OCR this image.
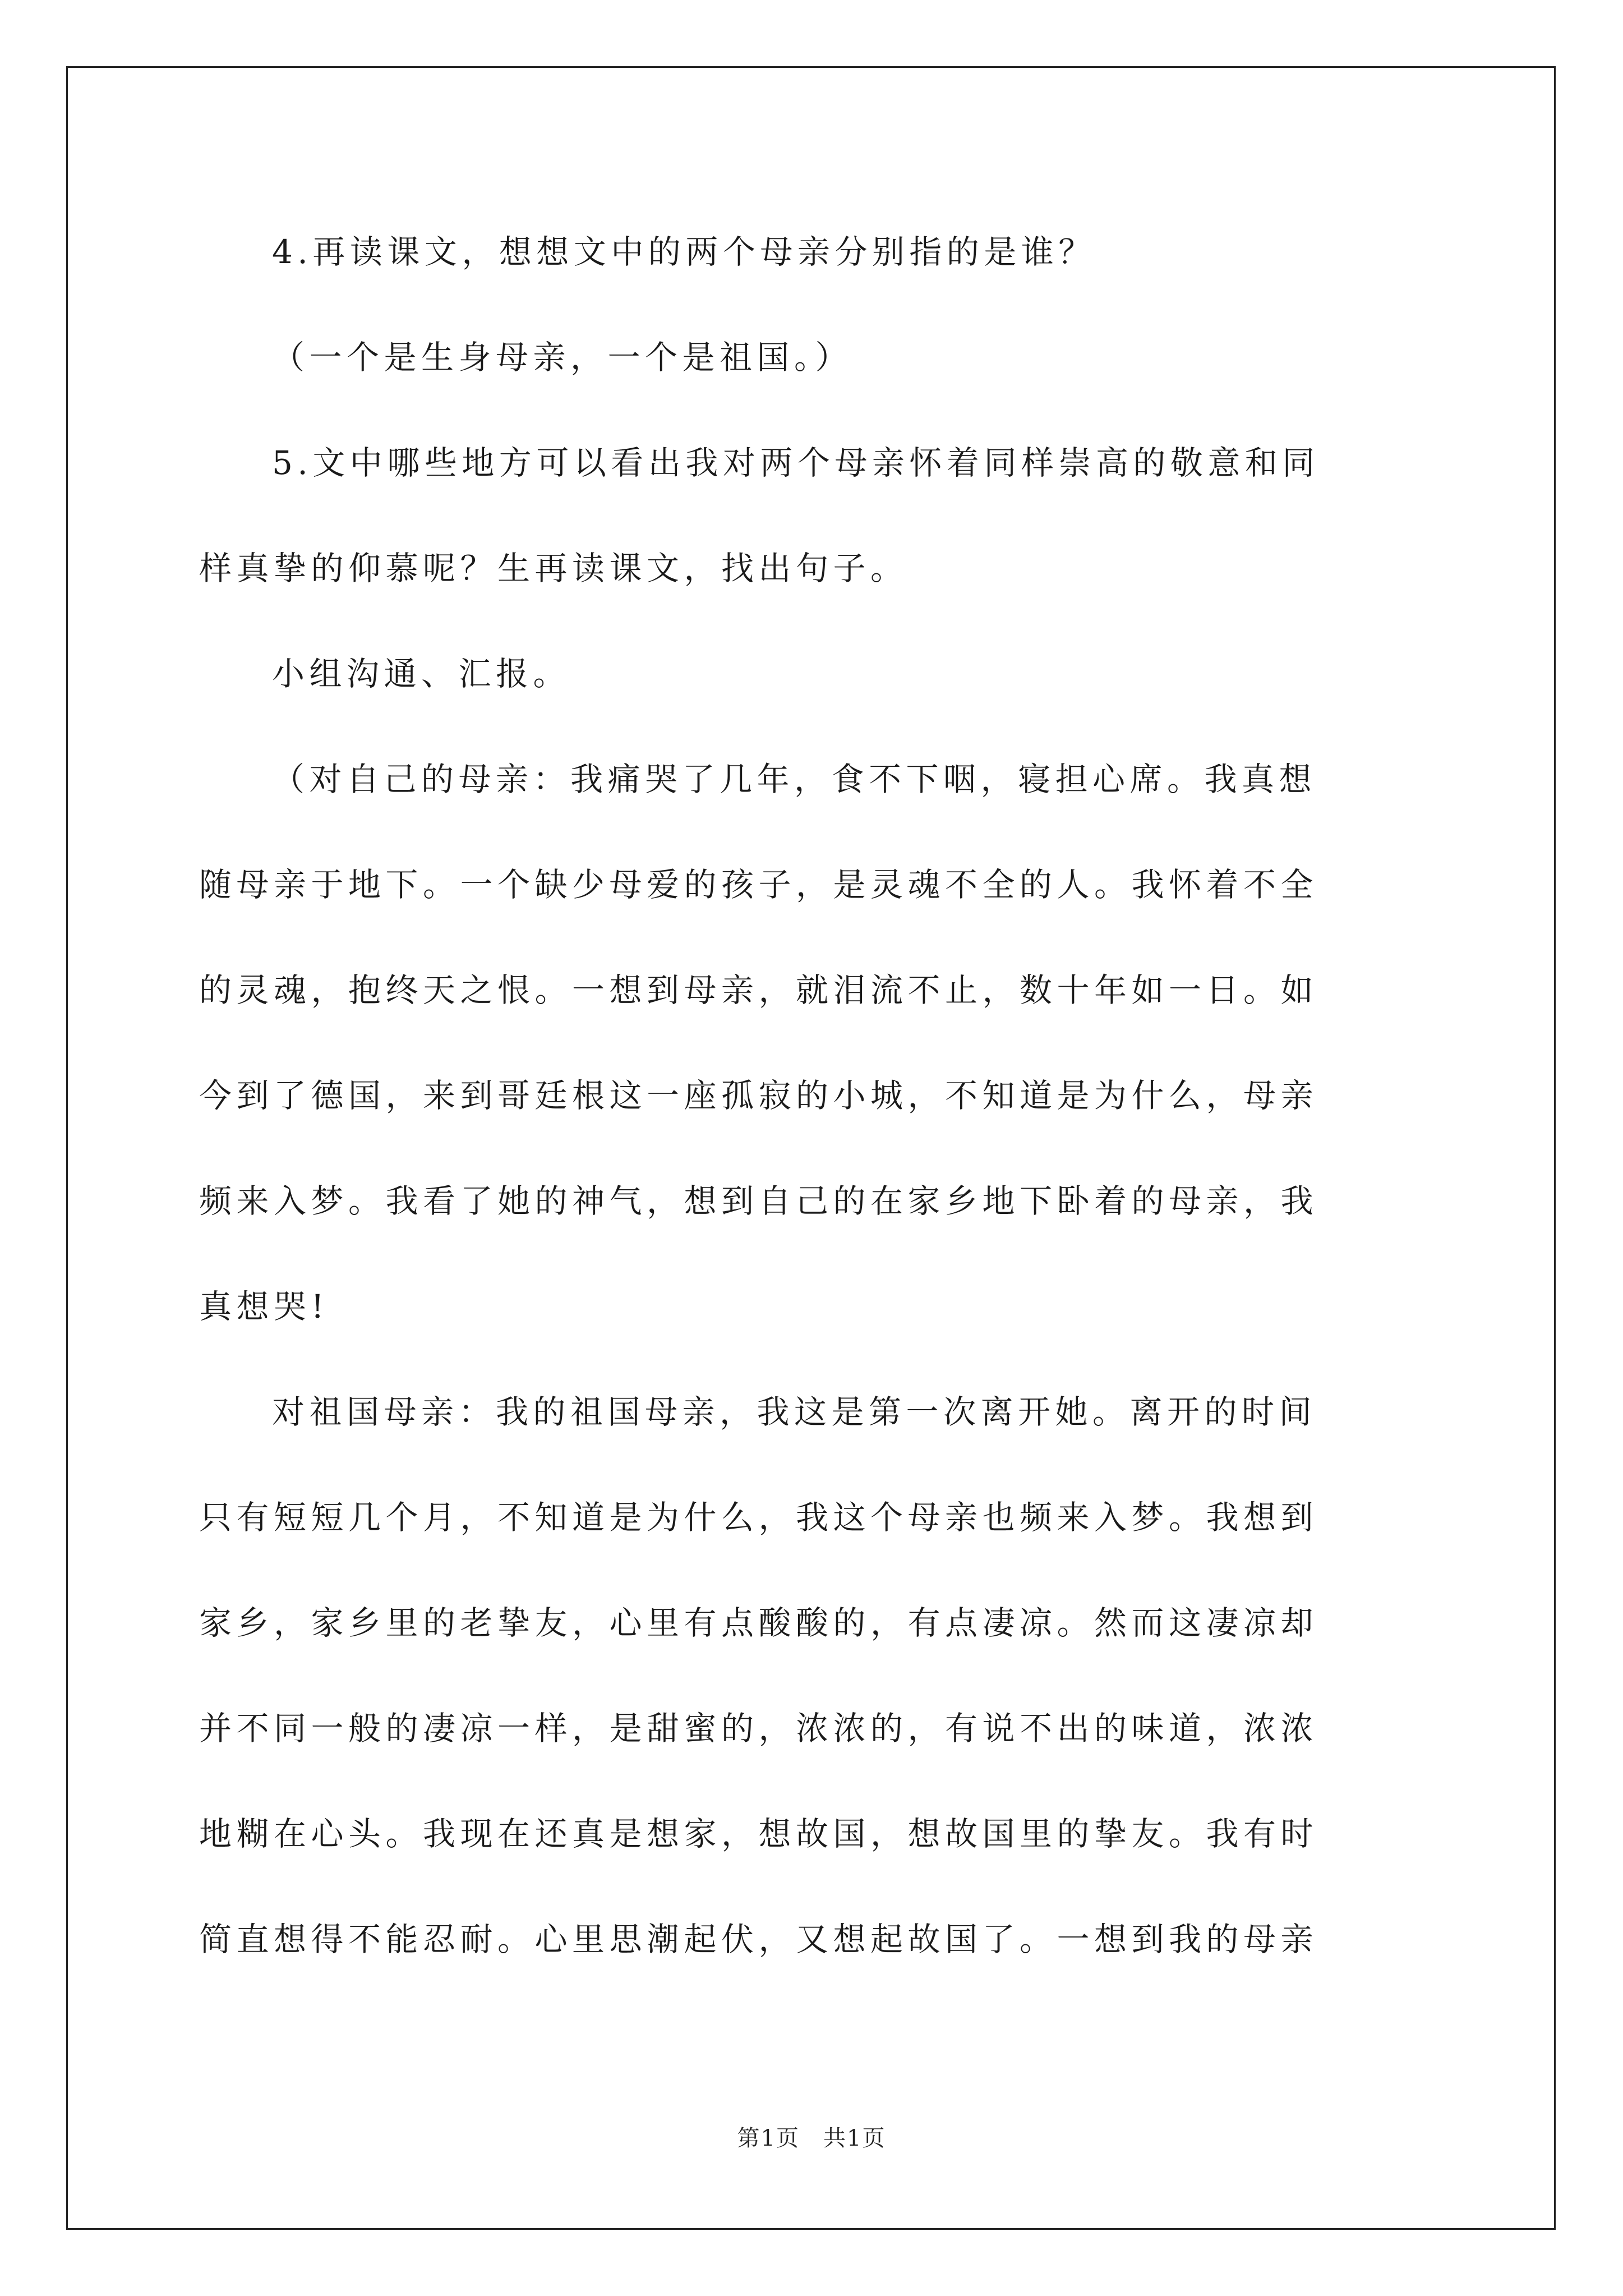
4.再读课文，想想文中的两个母亲分别指的是谁？
（一个是生身母亲，一个是祖国。）
5.文中哪些地方可以看出我对两个母亲怀着同样崇高的敬意和同
样真挚的仰慕呢？生再读课文，找出句子。
小组沟通、汇报。
（对自己的母亲：我痛哭了几年，食不下咽，寝担心席。我真想
随母亲于地下。一个缺少母爱的孩子，是灵魂不全的人。我怀着不全
的灵魂，抱终天之恨。一想到母亲，就泪流不止，数十年如一日。如
今到了德国，来到哥廷根这一座孤寂的小城，不知道是为什么，母亲
频来入梦。我看了她的神气，想到自己的在家乡地下卧着的母亲，我
真想哭!
对祖国母亲：我的祖国母亲，我这是第一次离开她。离开的时间
只有短短几个月，不知道是为什么，我这个母亲也频来入梦。我想到
家乡，家乡里的老挚友，心里有点酸酸的，有点凄凉。然而这凄凉却
并不同一般的凄凉一样，是甜蜜的，浓浓的，有说不出的味道，浓浓
地糊在心头。我现在还真是想家，想故国，想故国里的挚友。我有时
简直想得不能忍耐。心里思潮起伏，又想起故国了。一想到我的母亲
第1页　共1页
